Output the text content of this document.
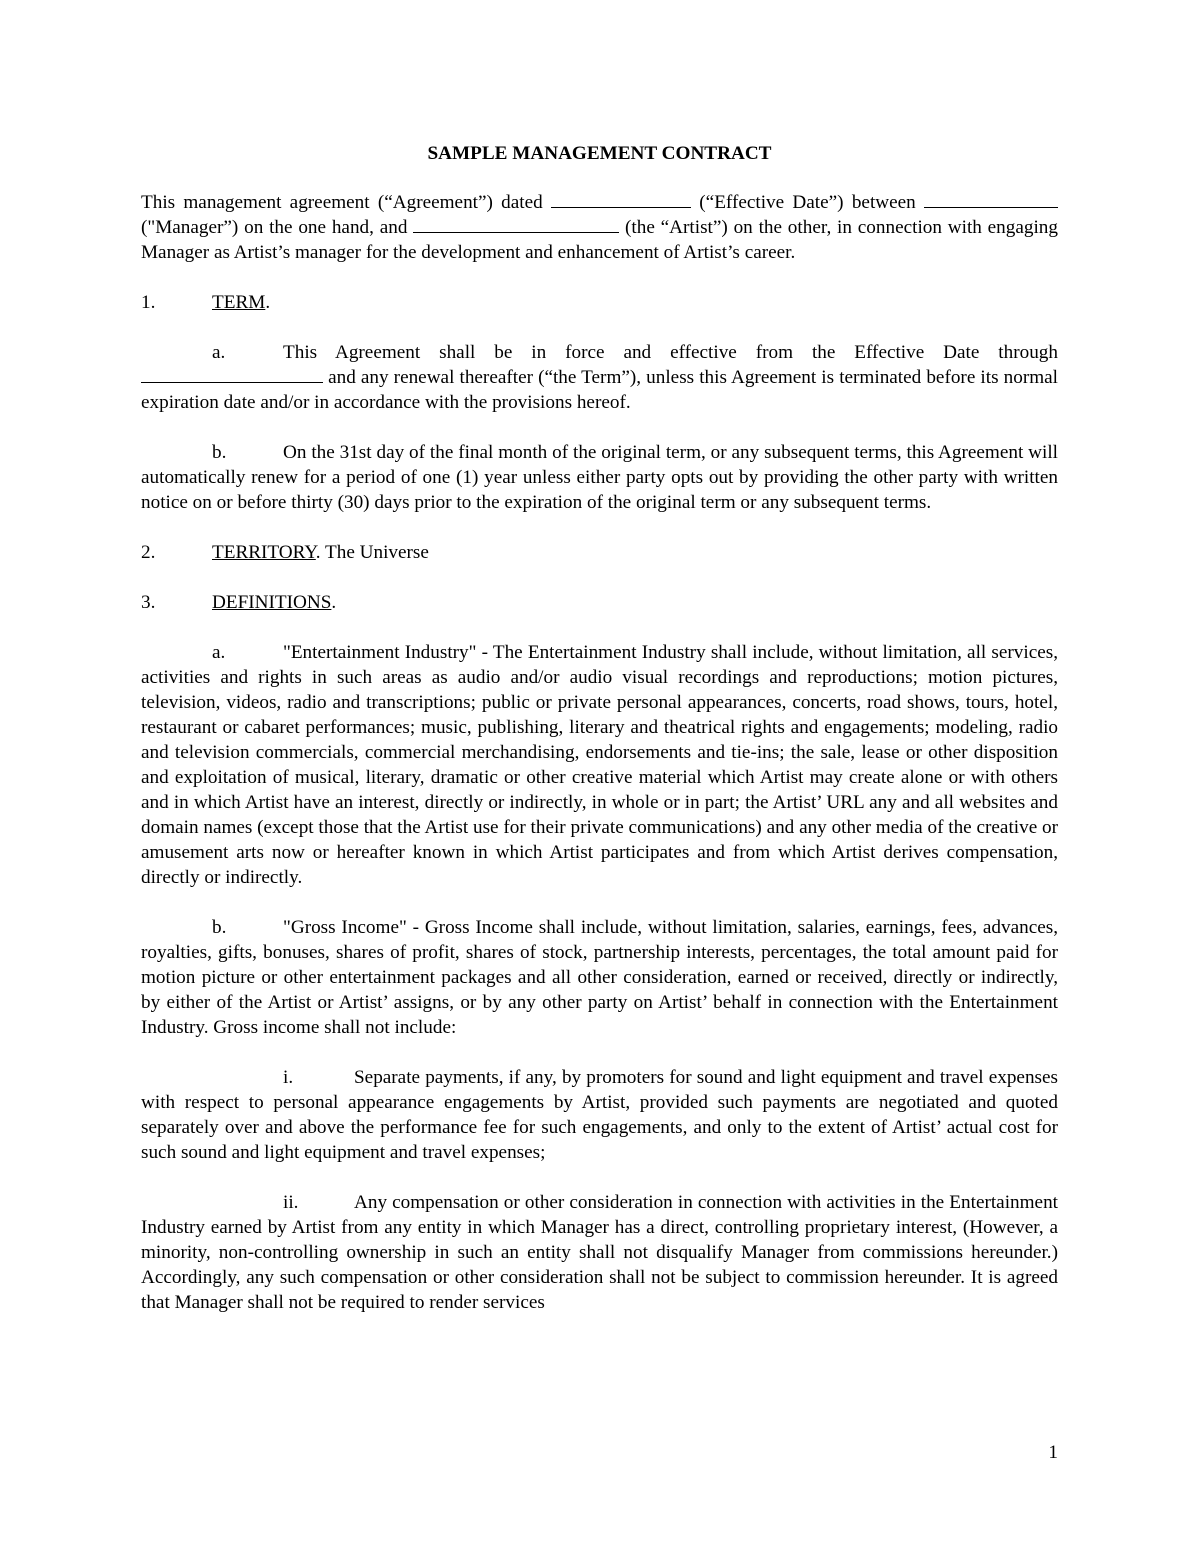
SAMPLE MANAGEMENT CONTRACT

This management agreement (“Agreement”) dated	(“Effective Date”) between  ("Manager”) on the one hand, and	(the “Artist”) on the other, in connection with engaging Manager as Artist’s manager for the development and enhancement of Artist’s career.

1.	TERM.

a.	This Agreement shall be in force and effective from the Effective Date through  and any renewal thereafter (“the Term”), unless this Agreement is terminated before its normal expiration date and/or in accordance with the provisions hereof.

b.	On the 31st day of the final month of the original term, or any subsequent terms, this Agreement will automatically renew for a period of one (1) year unless either party opts out by providing the other party with written notice on or before thirty (30) days prior to the expiration of the original term or any subsequent terms.

2.	TERRITORY. The Universe
3.	DEFINITIONS.

a.	"Entertainment Industry" - The Entertainment Industry shall include, without limitation, all services, activities and rights in such areas as audio and/or audio visual recordings and reproductions; motion pictures, television, videos, radio and transcriptions; public or private personal appearances, concerts, road shows, tours, hotel, restaurant or cabaret performances; music, publishing, literary and theatrical rights and engagements; modeling, radio and television commercials, commercial merchandising, endorsements and tie-ins; the sale, lease or other disposition and exploitation of musical, literary, dramatic or other creative material which Artist may create alone or with others and in which Artist have an interest, directly or indirectly, in whole or in part; the Artist’ URL any and all websites and domain names (except those that the Artist use for their private communications) and any other media of the creative or amusement arts now or hereafter known in which Artist participates and from which Artist derives compensation, directly or indirectly.

b.	"Gross Income" - Gross Income shall include, without limitation, salaries, earnings, fees, advances, royalties, gifts, bonuses, shares of profit, shares of stock, partnership interests, percentages, the total amount paid for motion picture or other entertainment packages and all other consideration, earned or received, directly or indirectly, by either of the Artist or Artist’ assigns, or by any other party on Artist’ behalf in connection with the Entertainment Industry. Gross income shall not include:

i.	Separate payments, if any, by promoters for sound and light equipment and travel expenses with respect to personal appearance engagements by Artist, provided such payments are negotiated and quoted separately over and above the performance fee for such engagements, and only to the extent of Artist’ actual cost for such sound and light equipment and travel expenses;

ii.	Any compensation or other consideration in connection with activities in the Entertainment Industry earned by Artist from any entity in which Manager has a direct, controlling proprietary interest, (However, a minority, non-controlling ownership in such an entity shall not disqualify Manager from commissions hereunder.) Accordingly, any such compensation or other consideration shall not be subject to commission hereunder. It is agreed that Manager shall not be required to render services

1
